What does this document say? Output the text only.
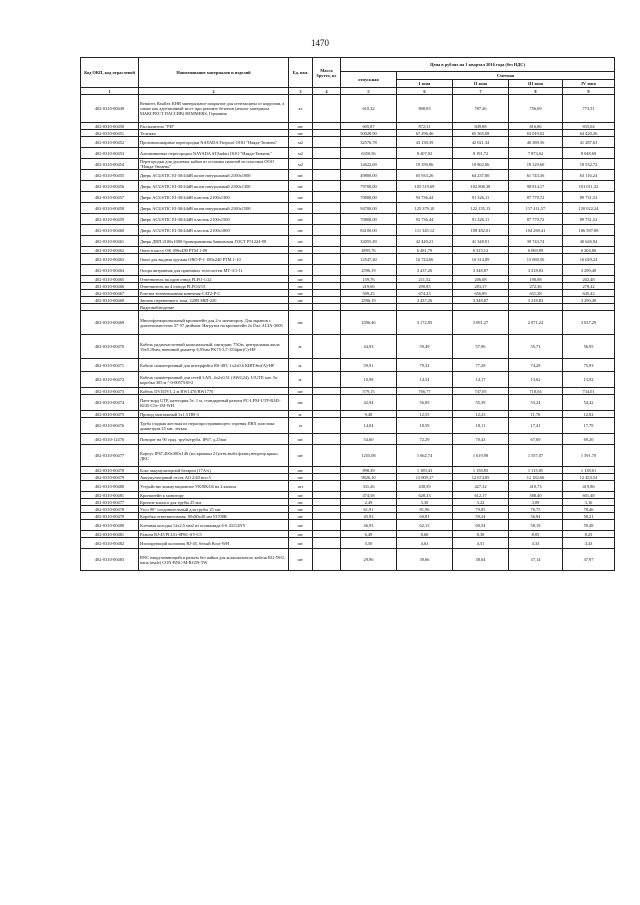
1470
Код ОКП, код отраслевой	Наименование материалов и изделий	Ед. изм.	Масса брутто, кг	Цена в рублях на 1 квартал 2016 года (без НДС)				
				отпускная	Сметная			
					I зона	II зона	III зона	IV зона
1	2	3	4	5	6	7	8	9
402-0310-00449	Renniers Bauflex KHB минеральное покрытие для огнезащиты от коррозии, а также как адгезионный мост при ремонте бетонов (аналог материала МАКСРЕСТ ПАССИВ) REMMERS, Германия	кг		610,32	808,03	787,26	756,69	773,51
402-0310-00450	Распылитель "РИ"	шт.		605,87	872,31	849,88	816,86	835,04
402-0310-00451	Тележка	шт.		50028,90	67 296,46	65 565,08	63 019,02	64 420,26
402-0310-00452	Противопожарные перегородки NAYADA Firepoof ООО "Наяда-Тюмень"	м2		32576,78	43 130,39	42 021,34	40 389,56	41 287,63
402-0310-00453	Алюминиевые перегородки NAYADA STAndart ООО "Наяда-Тюмень"	м2		6350,56	8 407,92	8 191,72	7 873,62	8 048,69
402-0310-00454	Перегородки для душевых кабин из осоновы панелей из пластика ООО "Наяда-Тюмень"	м2		14622,69	19 359,86	18 862,06	18 129,60	18 532,72
402-0310-00455	Дверь ACUSTIC EI-30/44dB шпон натуральный 2100х1000	шт.		49800,00	65 933,26	64 237,80	61 743,36	63 116,24
402-0310-00456	Дверь ACUSTIC EI-30/44dB шпон натуральный 2100х1300	шт.		79700,00	105 519,69	102 806,38	98 814,17	101 011,32
402-0310-00457	Дверь ACUSTIC EI-30/44dB пластик 2100х1300	шт.		70800,00	93 736,44	91 326,11	87 779,72	89 731,52
402-0310-00458	Дверь ACUSTIC EI-30/44dB шпон натуральный 2100х1500	шт.		94700,00	125 379,10	122 155,13	117 411,57	120 022,24
402-0310-00459	Дверь ACUSTIC EI-30/44dB пластик 2100х1500	шт.		70800,00	93 736,44	91 326,11	87 779,72	89 731,52
402-0310-00460	Дверь ACUSTIC EI-30/44dB пластик 2100х1800	шт.		84100,00	111 345,12	108 482,01	104 269,41	106 587,88
402-0310-00461	Дверь ДВП 2100х1000 бронированная банковская ГОСТ Р51224-98	шт.		32055,49	42 440,21	41 348,91	39 743,74	40 626,94
402-0310-00462	Окно в кассу ОК 490х480 РТМ 1-09	шт.		4895,76	6 481,79	6 315,12	6 069,89	6 204,86
402-0310-00463	Окно для выдачи оружия ОВО-Р-1 180х240 РТМ 1-10	шт.		12547,40	16 744,66	16 314,09	15 680,56	16 029,24
402-0310-00464	Опора витринная для приемных телесистем МТ-3/1-11	шт.		2596,19	3 437,26	3 348,87	3 218,83	3 290,40
402-0310-00465	Ответвитель на один отвод PLFO-1/22	шт.		159,76	211,52	206,08	198,08	202,48
402-0310-00466	Ответвитель на 4 отвода PLFO4/15	шт.		219,66	290,85	283,37	272,36	278,42
402-0310-00467	Розетка телевизионная конечная CAT2-P-C	шт.		509,25	674,23	656,89	631,38	645,42
402-0310-00468	Звонок переменного тока, 220В ЗВП-220	шт.		2596,19	3 437,26	3 348,87	3 218,83	3 290,40
	Видеонаблюдение							
402-0310-00469	Многофункциональный кронштейн для 2-х мониторов. Для экранов с диагональностью 37-57 дюймов. Нагрузка на кронштейн 2х15кг ALTA-3005	шт.		2396,46	3 172,85	3 091,27	2 971,22	3 037,29
402-0310-00470	Кабель радиочастотный коаксиальный, импеданс 75Ом, центральная жила 19х0,18мм, внешний диаметр 6,95мм PK75-3,7-333фнг(С)-НF	м.		44,93	59,49	57,96	55,71	56,95
402-0310-00471	Кабель симметричный для интерфейса RS-485, 1х2х0,6 КИПЭнг(А)-НF	м.		59,91	79,32	77,28	74,28	75,93
402-0310-00472	Кабель симметричный для сетей LAN, 4х2х0,51 (AWG24), U/UTP, кат. 5е, коробка 305 м ^ 0-0057538-2	м.		10,98	14,54	14,17	13,62	13,92
402-0310-00473	Кабель DVI/DVI, 2 м BW1470/BW1770	шт.		579,15	766,77	747,05	718,04	734,01
402-0310-00474	Патч-корд UTP, категория 5е, 1 м, стандартный разъем PC-LPM-UTP-RJ45-RJ45-C5e-1M-WH	шт.		42,94	56,85	55,39	53,24	54,42
402-0310-00475	Провод монтажный 1х1,5 ПВ-3	м.		9,48	12,55	12,23	11,76	12,02
402-0310-00476	Труба гладкая жесткая из нераспространяющего горения ПВХ пластика диаметром 25 мм. легкая	м		14,04	18,59	18,11	17,41	17,79
402-0310-12476	Поворот на 90 град. труба/труба, IP67, д.25мм	шт.		54,60	72,29	70,43	67,69	69,20
402-0310-00477	Корпус IP67,400х300х146 (мс.крышки 21)стек.выбл.фланц.непрозр.крыш. ДКС	шт.		1255,08	1 662,74	1 619,98	1 557,07	1 591,70
402-0310-00478	Бокс аккумуляторной батареи (17А/ч)	шт.		898,39	1 189,43	1 158,85	1 113,85	1 138,61
402-0310-00479	Аккумуляторный отсек АО 2/40 исп.5	шт.		9826,10	13 009,37	12 674,85	12 182,66	12 453,54
402-0310-00480	Устройство коммутационное УК/ВК/04 на 2 канала	шт		331,26	438,59	427,32	410,73	419,86
402-0310-00481	Кронштейн к монитору	шт.		474,58	628,33	612,17	588,40	601,48
402-0310-00477	Крепеж-клипса для трубы 25 мм	шт.		2,49	3,30	3,22	3,09	3,16
402-0310-00478	Угол 90° соединительный для трубы 25 мм	шт.		61,91	81,96	79,85	76,75	78,46
402-0310-00479	Коробка ответвительная, 80х80х40 мм 53700R	шт.		45,93	60,81	59,24	56,94	58,21
402-0310-00480	Клемная колодка 12х2,5 мм2 из полиамида 6-6 43112NY	шт.		46,93	62,13	60,54	58,19	59,48
402-0310-00481	Разъем RJ-45 PLUG-8P8C-SV-C5	шт.		6,49	8,60	8,38	8,05	8,23
402-0310-00482	Изолирующий колпачок RJ-45, белый Boot-WH	шт.		3,50	4,63	4,51	4,33	4,43
402-0310-00483	BNC накручивающийся разъем без пайки для коаксиального кабеля RG-59/U, папа (male) CON-BNC-M-RG59-TW	шт.		29,96	39,66	38,64	37,14	37,97
